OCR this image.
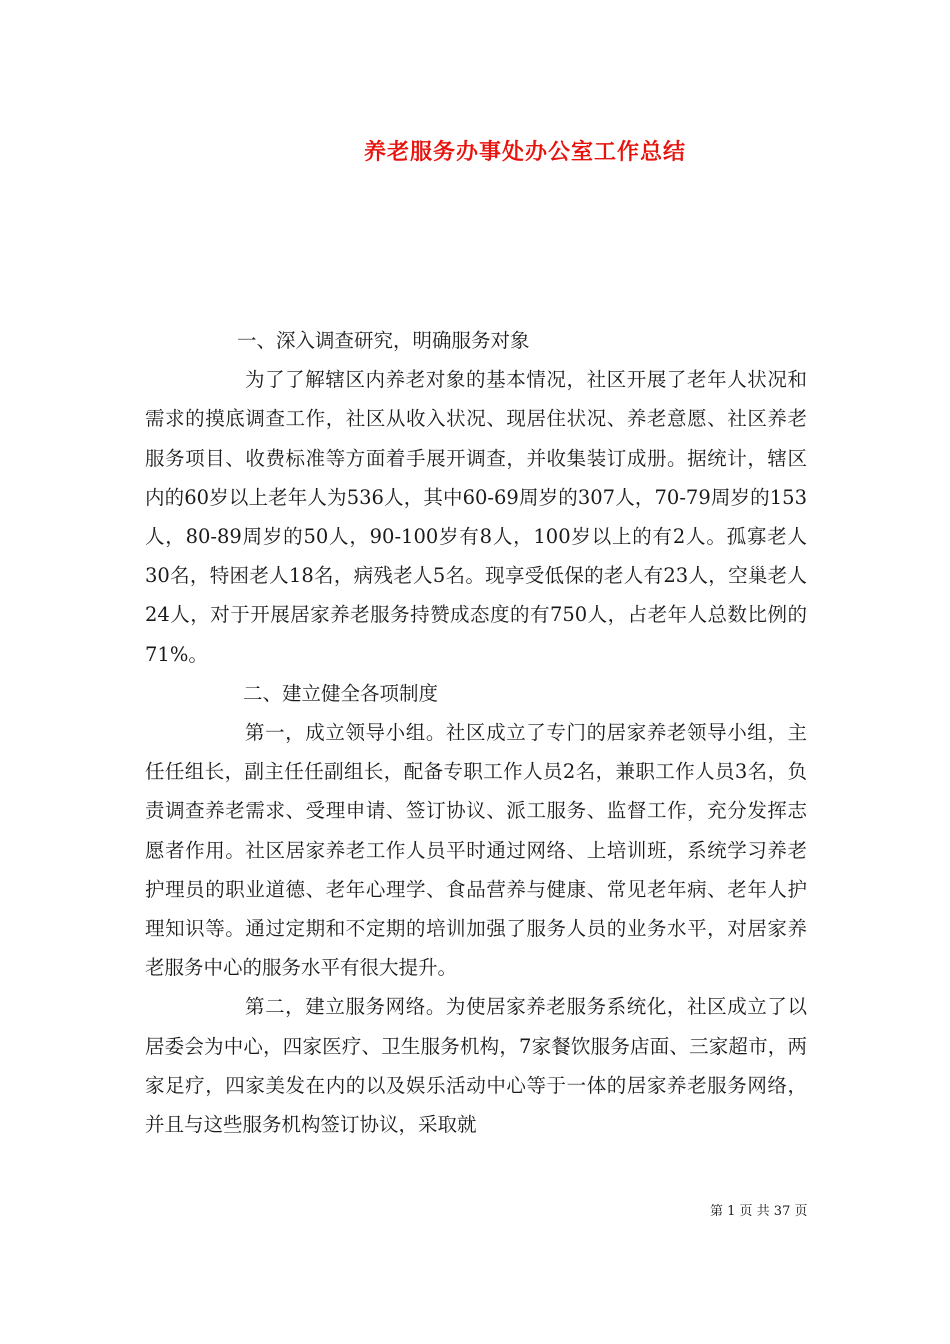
养老服务办事处办公室工作总结

一、深入调查研究，明确服务对象

为了了解辖区内养老对象的基本情况，社区开展了老年人状况和需求的摸底调查工作，社区从收入状况、现居住状况、养老意愿、社区养老服务项目、收费标准等方面着手展开调查，并收集装订成册。据统计，辖区内的60岁以上老年人为536人，其中60-69周岁的307人，70-79周岁的153人，80-89周岁的50人，90-100岁有8人，100岁以上的有2人。孤寡老人30名，特困老人18名，病残老人5名。现享受低保的老人有23人，空巢老人24人，对于开展居家养老服务持赞成态度的有750人，占老年人总数比例的71%。

二、建立健全各项制度

第一，成立领导小组。社区成立了专门的居家养老领导小组，主任任组长，副主任任副组长，配备专职工作人员2名，兼职工作人员3名，负责调查养老需求、受理申请、签订协议、派工服务、监督工作，充分发挥志愿者作用。社区居家养老工作人员平时通过网络、上培训班，系统学习养老护理员的职业道德、老年心理学、食品营养与健康、常见老年病、老年人护理知识等。通过定期和不定期的培训加强了服务人员的业务水平，对居家养老服务中心的服务水平有很大提升。

第二，建立服务网络。为使居家养老服务系统化，社区成立了以居委会为中心，四家医疗、卫生服务机构，7家餐饮服务店面、三家超市，两家足疗，四家美发在内的以及娱乐活动中心等于一体的居家养老服务网络，并且与这些服务机构签订协议，采取就

第 1 页 共 37 页
